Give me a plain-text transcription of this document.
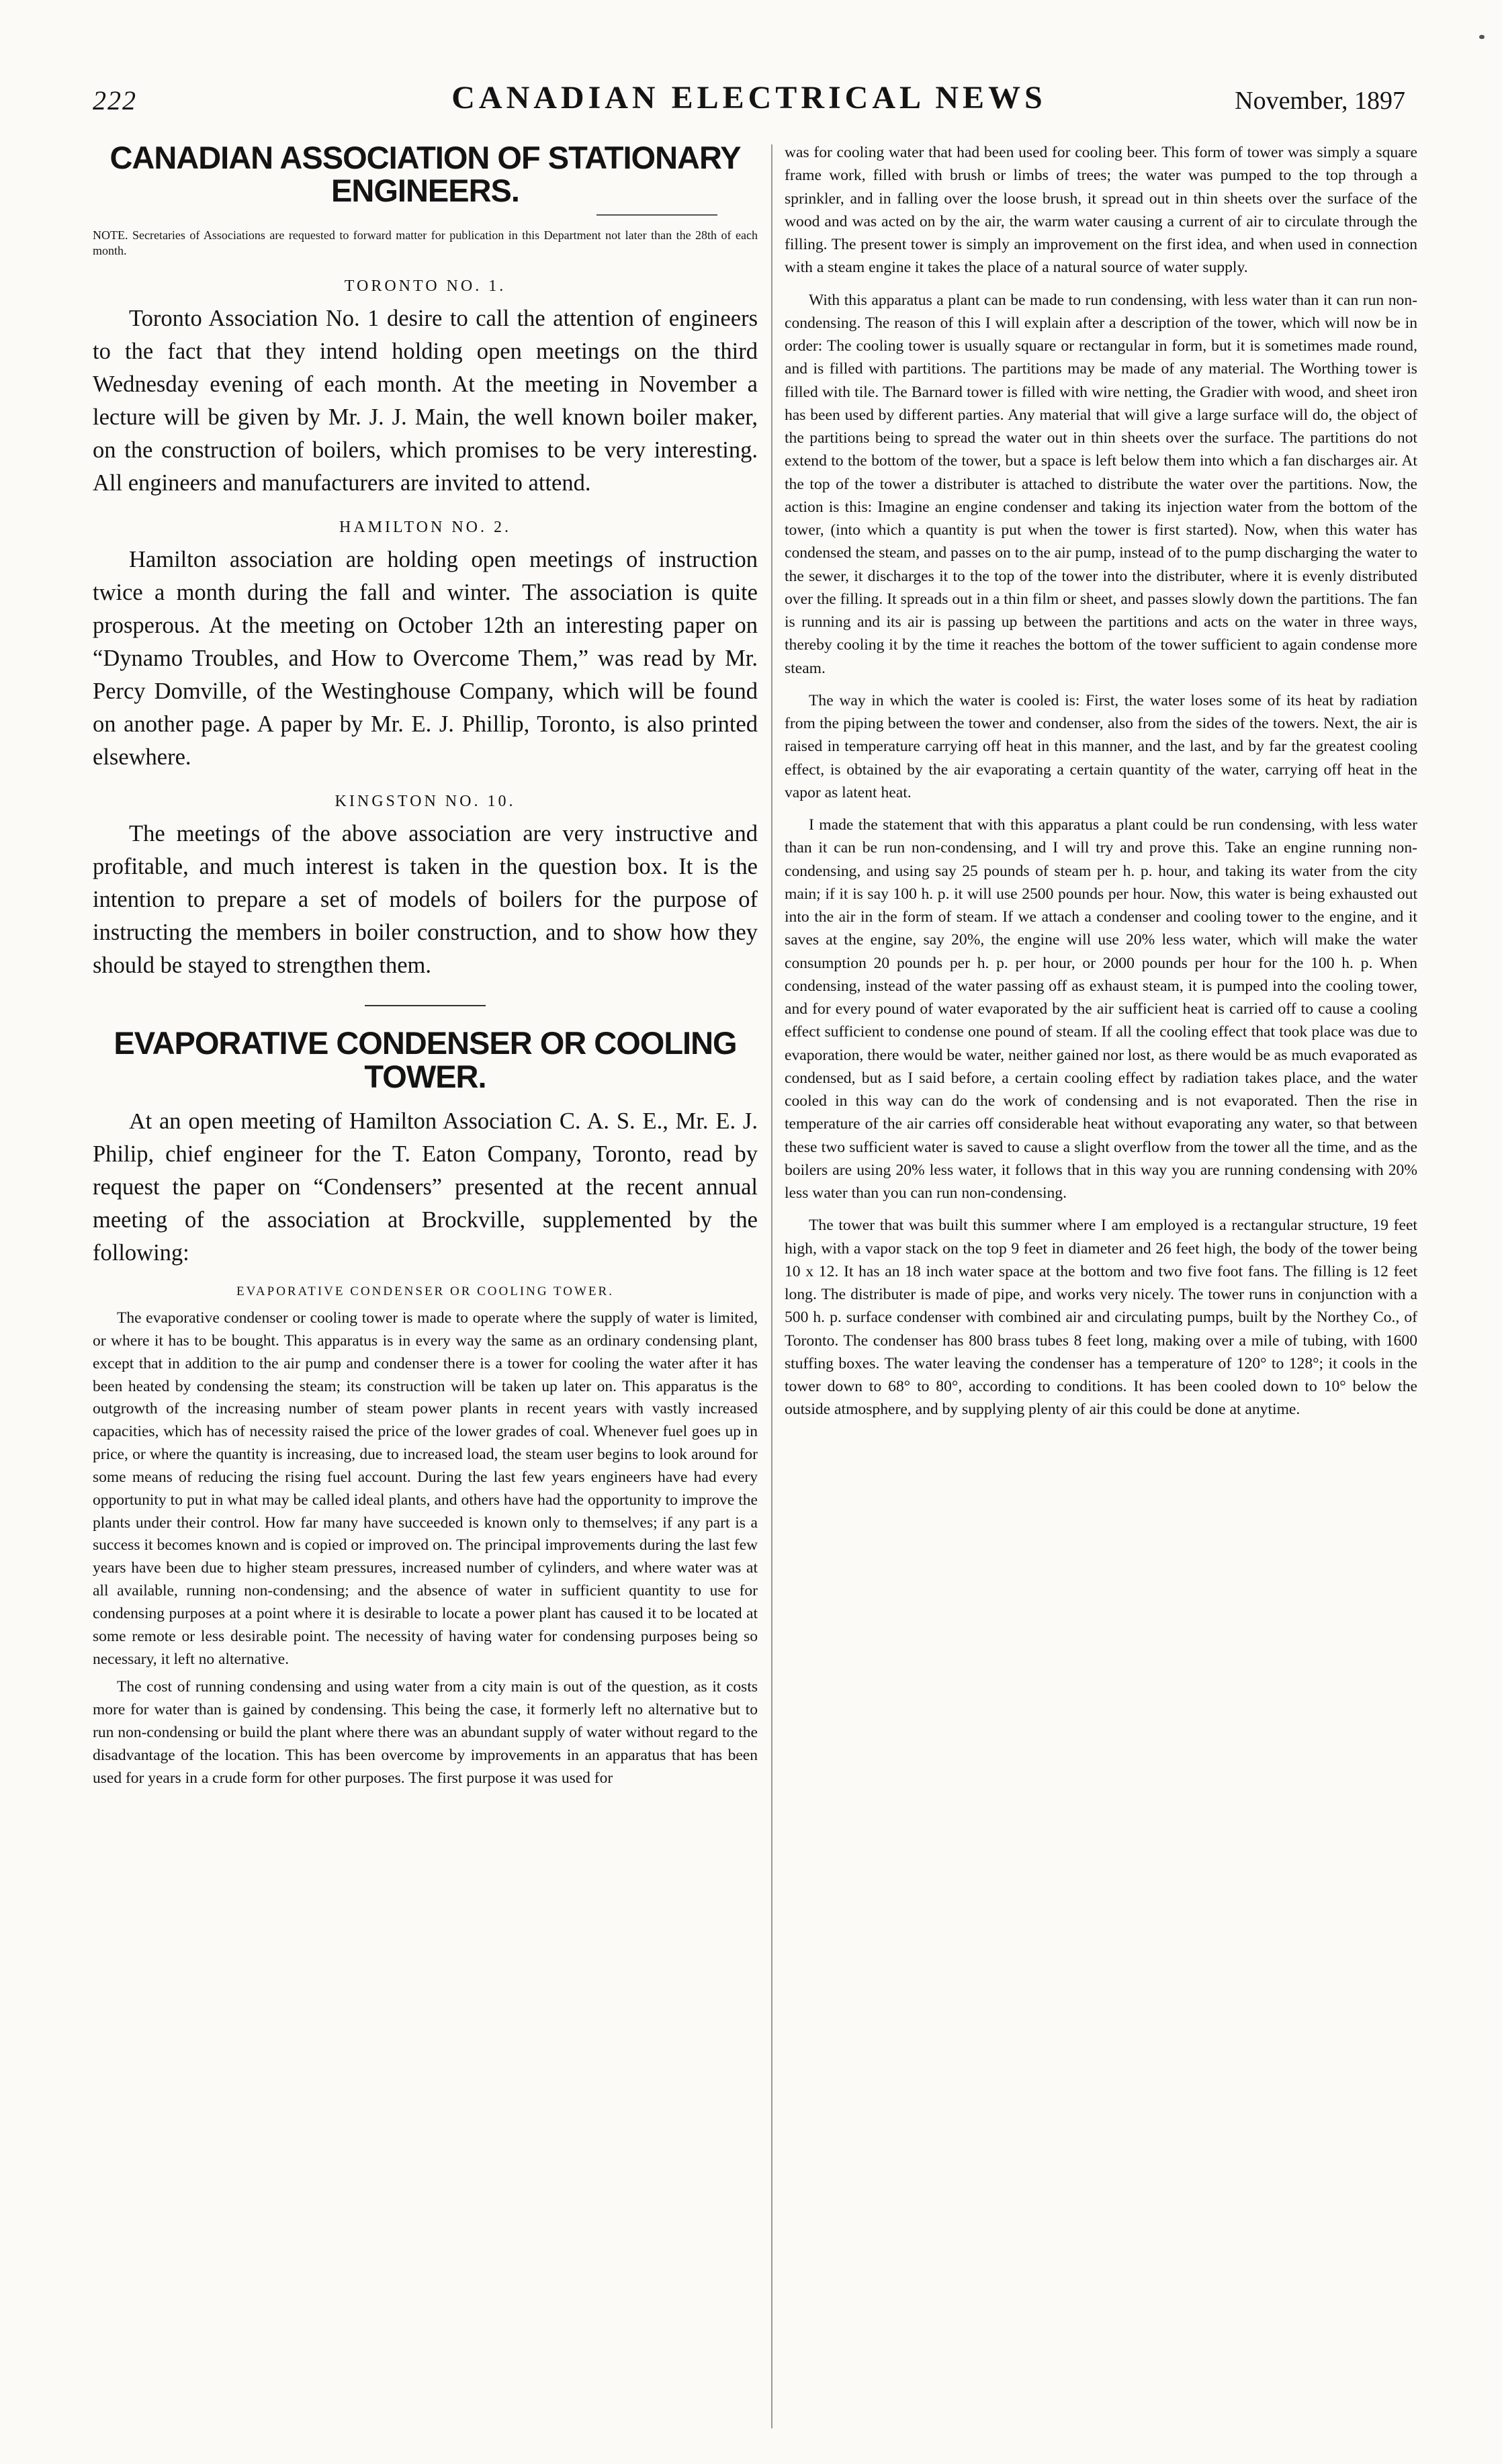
222	CANADIAN ELECTRICAL NEWS	November, 1897
CANADIAN ASSOCIATION OF STATIONARY ENGINEERS.

NOTE. Secretaries of Associations are requested to forward matter for publication in this Department not later than the 28th of each month.

TORONTO NO. 1.

Toronto Association No. 1 desire to call the attention of engineers to the fact that they intend holding open meetings on the third Wednesday evening of each month. At the meeting in November a lecture will be given by Mr. J. J. Main, the well known boiler maker, on the construction of boilers, which promises to be very interesting. All engineers and manufacturers are invited to attend.

HAMILTON NO. 2.

Hamilton association are holding open meetings of instruction twice a month during the fall and winter. The association is quite prosperous. At the meeting on October 12th an interesting paper on “Dynamo Troubles, and How to Overcome Them,” was read by Mr. Percy Domville, of the Westinghouse Company, which will be found on another page. A paper by Mr. E. J. Phillip, Toronto, is also printed elsewhere.

KINGSTON NO. 10.

The meetings of the above association are very instructive and profitable, and much interest is taken in the question box. It is the intention to prepare a set of models of boilers for the purpose of instructing the members in boiler construction, and to show how they should be stayed to strengthen them.

EVAPORATIVE CONDENSER OR COOLING TOWER.

At an open meeting of Hamilton Association C. A. S. E., Mr. E. J. Philip, chief engineer for the T. Eaton Company, Toronto, read by request the paper on “Condensers” presented at the recent annual meeting of the association at Brockville, supplemented by the following:

EVAPORATIVE CONDENSER OR COOLING TOWER.

The evaporative condenser or cooling tower is made to operate where the supply of water is limited, or where it has to be bought. This apparatus is in every way the same as an ordinary condensing plant, except that in addition to the air pump and condenser there is a tower for cooling the water after it has been heated by condensing the steam; its construction will be taken up later on. This apparatus is the outgrowth of the increasing number of steam power plants in recent years with vastly increased capacities, which has of necessity raised the price of the lower grades of coal. Whenever fuel goes up in price, or where the quantity is increasing, due to increased load, the steam user begins to look around for some means of reducing the rising fuel account. During the last few years engineers have had every opportunity to put in what may be called ideal plants, and others have had the opportunity to improve the plants under their control. How far many have succeeded is known only to themselves; if any part is a success it becomes known and is copied or improved on. The principal improvements during the last few years have been due to higher steam pressures, increased number of cylinders, and where water was at all available, running non-condensing; and the absence of water in sufficient quantity to use for condensing purposes at a point where it is desirable to locate a power plant has caused it to be located at some remote or less desirable point. The necessity of having water for condensing purposes being so necessary, it left no alternative.

The cost of running condensing and using water from a city main is out of the question, as it costs more for water than is gained by condensing. This being the case, it formerly left no alternative but to run non-condensing or build the plant where there was an abundant supply of water without regard to the disadvantage of the location. This has been overcome by improvements in an apparatus that has been used for years in a crude form for other purposes. The first purpose it was used for

was for cooling water that had been used for cooling beer. This form of tower was simply a square frame work, filled with brush or limbs of trees; the water was pumped to the top through a sprinkler, and in falling over the loose brush, it spread out in thin sheets over the surface of the wood and was acted on by the air, the warm water causing a current of air to circulate through the filling. The present tower is simply an improvement on the first idea, and when used in connection with a steam engine it takes the place of a natural source of water supply.

With this apparatus a plant can be made to run condensing, with less water than it can run non-condensing. The reason of this I will explain after a description of the tower, which will now be in order: The cooling tower is usually square or rectangular in form, but it is sometimes made round, and is filled with partitions. The partitions may be made of any material. The Worthing tower is filled with tile. The Barnard tower is filled with wire netting, the Gradier with wood, and sheet iron has been used by different parties. Any material that will give a large surface will do, the object of the partitions being to spread the water out in thin sheets over the surface. The partitions do not extend to the bottom of the tower, but a space is left below them into which a fan discharges air. At the top of the tower a distributer is attached to distribute the water over the partitions. Now, the action is this: Imagine an engine condenser and taking its injection water from the bottom of the tower, (into which a quantity is put when the tower is first started). Now, when this water has condensed the steam, and passes on to the air pump, instead of to the pump discharging the water to the sewer, it discharges it to the top of the tower into the distributer, where it is evenly distributed over the filling. It spreads out in a thin film or sheet, and passes slowly down the partitions. The fan is running and its air is passing up between the partitions and acts on the water in three ways, thereby cooling it by the time it reaches the bottom of the tower sufficient to again condense more steam.

The way in which the water is cooled is: First, the water loses some of its heat by radiation from the piping between the tower and condenser, also from the sides of the towers. Next, the air is raised in temperature carrying off heat in this manner, and the last, and by far the greatest cooling effect, is obtained by the air evaporating a certain quantity of the water, carrying off heat in the vapor as latent heat.

I made the statement that with this apparatus a plant could be run condensing, with less water than it can be run non-condensing, and I will try and prove this. Take an engine running non-condensing, and using say 25 pounds of steam per h. p. hour, and taking its water from the city main; if it is say 100 h. p. it will use 2500 pounds per hour. Now, this water is being exhausted out into the air in the form of steam. If we attach a condenser and cooling tower to the engine, and it saves at the engine, say 20%, the engine will use 20% less water, which will make the water consumption 20 pounds per h. p. per hour, or 2000 pounds per hour for the 100 h. p. When condensing, instead of the water passing off as exhaust steam, it is pumped into the cooling tower, and for every pound of water evaporated by the air sufficient heat is carried off to cause a cooling effect sufficient to condense one pound of steam. If all the cooling effect that took place was due to evaporation, there would be water, neither gained nor lost, as there would be as much evaporated as condensed, but as I said before, a certain cooling effect by radiation takes place, and the water cooled in this way can do the work of condensing and is not evaporated. Then the rise in temperature of the air carries off considerable heat without evaporating any water, so that between these two sufficient water is saved to cause a slight overflow from the tower all the time, and as the boilers are using 20% less water, it follows that in this way you are running condensing with 20% less water than you can run non-condensing.

The tower that was built this summer where I am employed is a rectangular structure, 19 feet high, with a vapor stack on the top 9 feet in diameter and 26 feet high, the body of the tower being 10 x 12. It has an 18 inch water space at the bottom and two five foot fans. The filling is 12 feet long. The distributer is made of pipe, and works very nicely. The tower runs in conjunction with a 500 h. p. surface condenser with combined air and circulating pumps, built by the Northey Co., of Toronto. The condenser has 800 brass tubes 8 feet long, making over a mile of tubing, with 1600 stuffing boxes. The water leaving the condenser has a temperature of 120° to 128°; it cools in the tower down to 68° to 80°, according to conditions. It has been cooled down to 10° below the outside atmosphere, and by supplying plenty of air this could be done at anytime.
